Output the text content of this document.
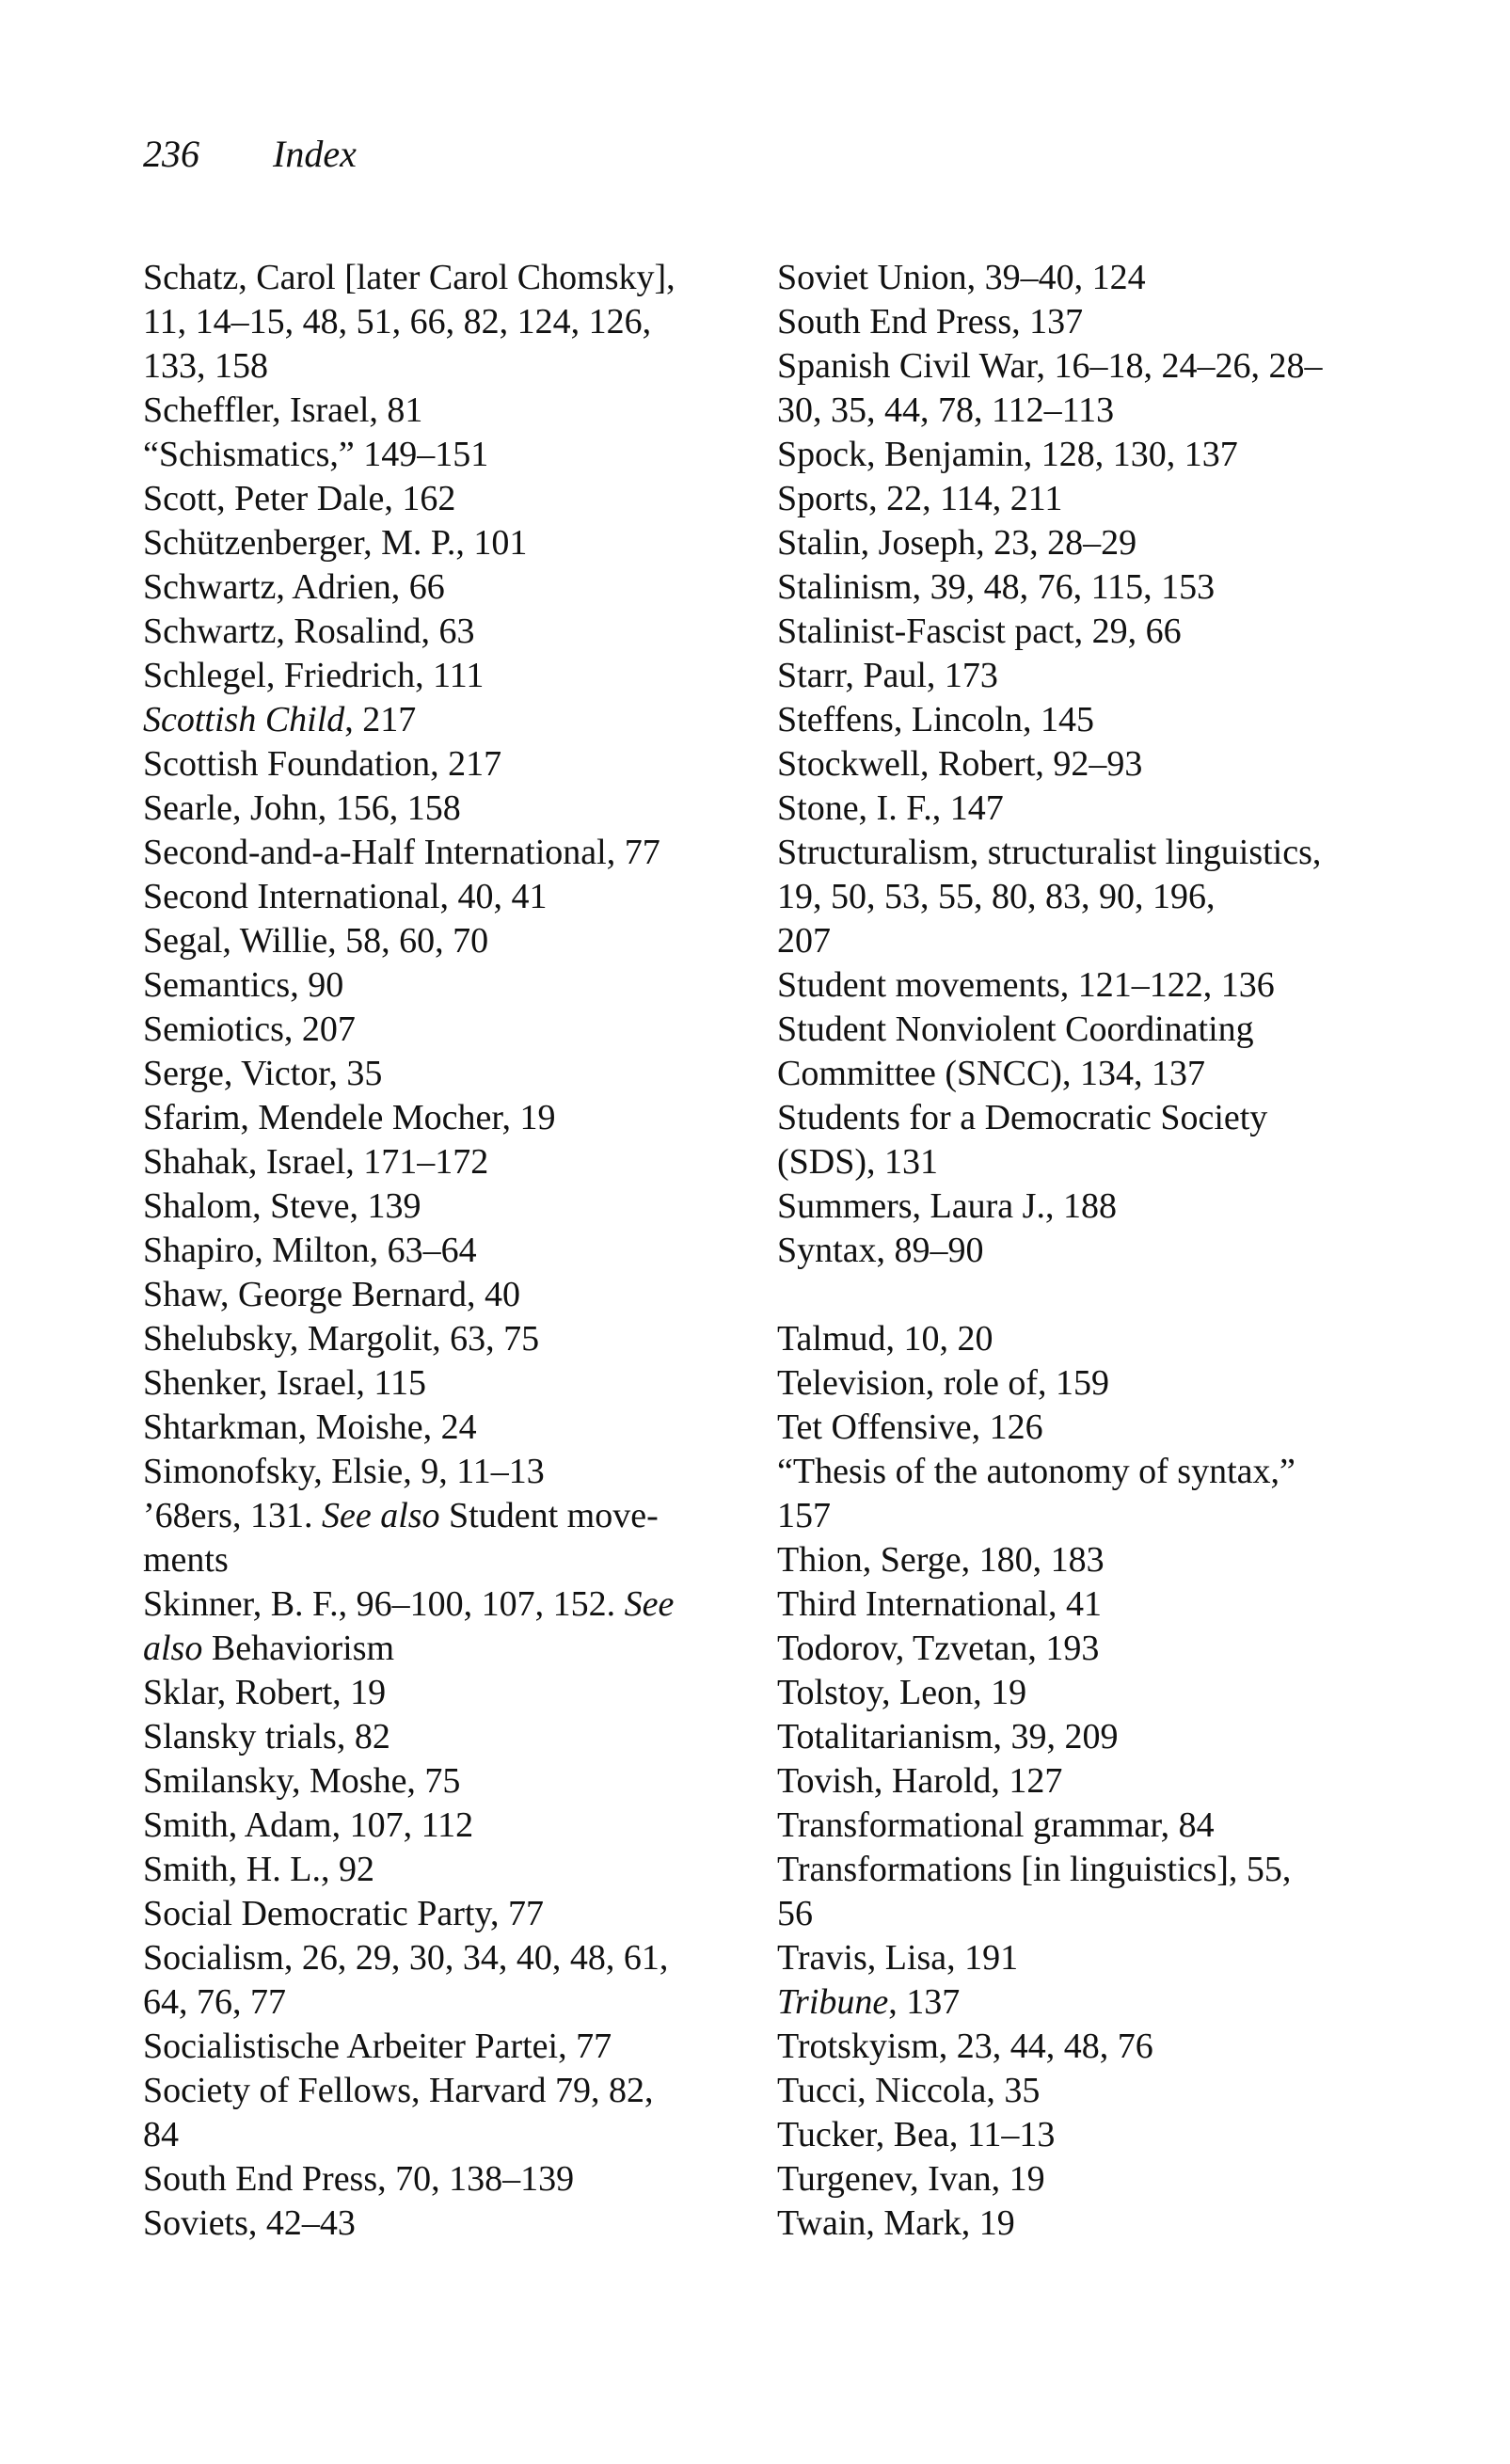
236 Index
Schatz, Carol [later Carol Chomsky],
11, 14–15, 48, 51, 66, 82, 124, 126,
133, 158
Scheffler, Israel, 81
“Schismatics,” 149–151
Scott, Peter Dale, 162
Schützenberger, M. P., 101
Schwartz, Adrien, 66
Schwartz, Rosalind, 63
Schlegel, Friedrich, 111
Scottish Child, 217
Scottish Foundation, 217
Searle, John, 156, 158
Second-and-a-Half International, 77
Second International, 40, 41
Segal, Willie, 58, 60, 70
Semantics, 90
Semiotics, 207
Serge, Victor, 35
Sfarim, Mendele Mocher, 19
Shahak, Israel, 171–172
Shalom, Steve, 139
Shapiro, Milton, 63–64
Shaw, George Bernard, 40
Shelubsky, Margolit, 63, 75
Shenker, Israel, 115
Shtarkman, Moishe, 24
Simonofsky, Elsie, 9, 11–13
’68ers, 131. See also Student move-
ments
Skinner, B. F., 96–100, 107, 152. See
also Behaviorism
Sklar, Robert, 19
Slansky trials, 82
Smilansky, Moshe, 75
Smith, Adam, 107, 112
Smith, H. L., 92
Social Democratic Party, 77
Socialism, 26, 29, 30, 34, 40, 48, 61,
64, 76, 77
Socialistische Arbeiter Partei, 77
Society of Fellows, Harvard 79, 82,
84
South End Press, 70, 138–139
Soviets, 42–43
Soviet Union, 39–40, 124
South End Press, 137
Spanish Civil War, 16–18, 24–26, 28–
30, 35, 44, 78, 112–113
Spock, Benjamin, 128, 130, 137
Sports, 22, 114, 211
Stalin, Joseph, 23, 28–29
Stalinism, 39, 48, 76, 115, 153
Stalinist-Fascist pact, 29, 66
Starr, Paul, 173
Steffens, Lincoln, 145
Stockwell, Robert, 92–93
Stone, I. F., 147
Structuralism, structuralist linguistics,
19, 50, 53, 55, 80, 83, 90, 196,
207
Student movements, 121–122, 136
Student Nonviolent Coordinating
Committee (SNCC), 134, 137
Students for a Democratic Society
(SDS), 131
Summers, Laura J., 188
Syntax, 89–90
Talmud, 10, 20
Television, role of, 159
Tet Offensive, 126
“Thesis of the autonomy of syntax,”
157
Thion, Serge, 180, 183
Third International, 41
Todorov, Tzvetan, 193
Tolstoy, Leon, 19
Totalitarianism, 39, 209
Tovish, Harold, 127
Transformational grammar, 84
Transformations [in linguistics], 55,
56
Travis, Lisa, 191
Tribune, 137
Trotskyism, 23, 44, 48, 76
Tucci, Niccola, 35
Tucker, Bea, 11–13
Turgenev, Ivan, 19
Twain, Mark, 19
